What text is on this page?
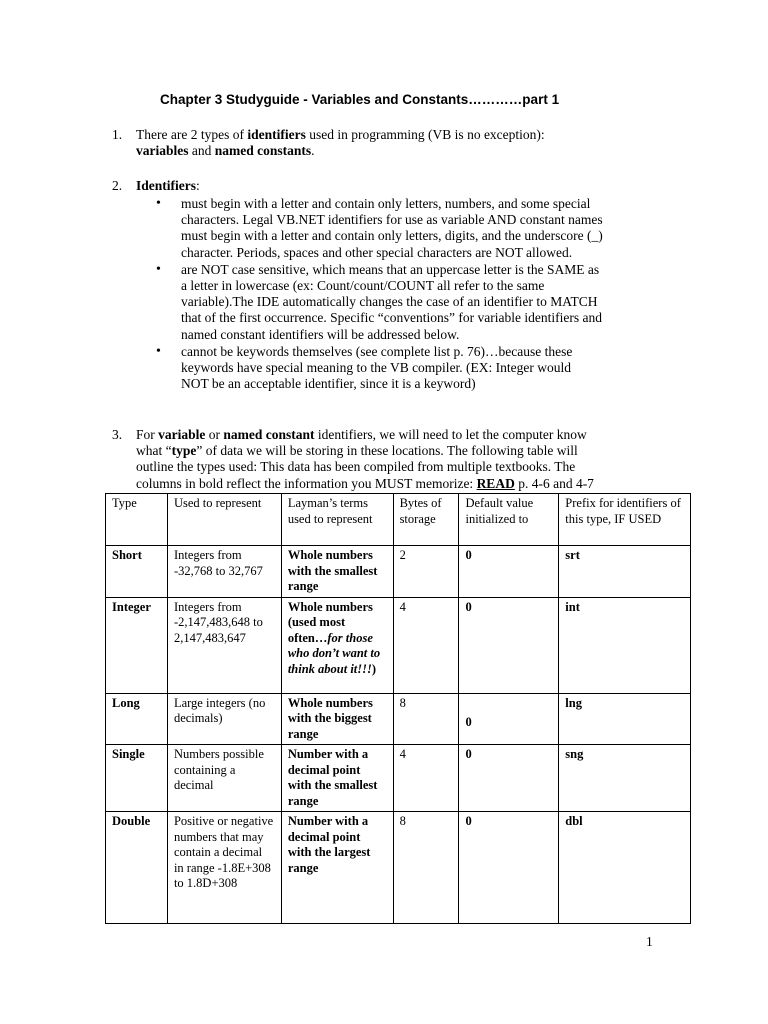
Chapter 3 Studyguide - Variables and Constants…………part 1
1. There are 2 types of identifiers used in programming (VB is no exception):
variables and named constants.
2. Identifiers:
• must begin with a letter and contain only letters, numbers, and some special
characters. Legal VB.NET identifiers for use as variable AND constant names
must begin with a letter and contain only letters, digits, and the underscore (_)
character. Periods, spaces and other special characters are NOT allowed.
• are NOT case sensitive, which means that an uppercase letter is the SAME as
a letter in lowercase (ex: Count/count/COUNT all refer to the same
variable).The IDE automatically changes the case of an identifier to MATCH
that of the first occurrence. Specific “conventions” for variable identifiers and
named constant identifiers will be addressed below.
• cannot be keywords themselves (see complete list p. 76)…because these
keywords have special meaning to the VB compiler. (EX: Integer would
NOT be an acceptable identifier, since it is a keyword)
3. For variable or named constant identifiers, we will need to let the computer know
what “type” of data we will be storing in these locations. The following table will
outline the types used: This data has been compiled from multiple textbooks. The
columns in bold reflect the information you MUST memorize: READ p. 4-6 and 4-7
Type	Used to represent	Layman’s terms used to represent	Bytes of storage	Default value initialized to	Prefix for identifiers of this type, IF USED
Short	Integers from -32,768 to 32,767	Whole numbers with the smallest range	2	0	srt
Integer	Integers from -2,147,483,648 to 2,147,483,647	Whole numbers (used most often…for those who don’t want to think about it!!!)	4	0	int
Long	Large integers (no decimals)	Whole numbers with the biggest range	8	0	lng
Single	Numbers possible containing a decimal	Number with a decimal point with the smallest range	4	0	sng
Double	Positive or negative numbers that may contain a decimal in range -1.8E+308 to 1.8D+308	Number with a decimal point with the largest range	8	0	dbl
1
